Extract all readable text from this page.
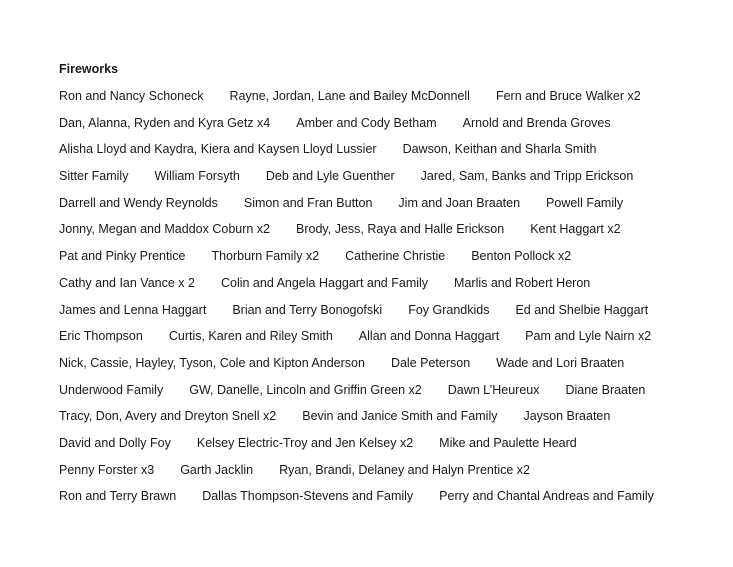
Fireworks
Ron and Nancy Schoneck Rayne, Jordan, Lane and Bailey McDonnell Fern and Bruce Walker x2
Dan, Alanna, Ryden and Kyra Getz x4 Amber and Cody Betham Arnold and Brenda Groves
Alisha Lloyd and Kaydra, Kiera and Kaysen Lloyd Lussier Dawson, Keithan and Sharla Smith
Sitter Family William Forsyth Deb and Lyle Guenther Jared, Sam, Banks and Tripp Erickson
Darrell and Wendy Reynolds Simon and Fran Button Jim and Joan Braaten Powell Family
Jonny, Megan and Maddox Coburn x2 Brody, Jess, Raya and Halle Erickson Kent Haggart x2
Pat and Pinky Prentice Thorburn Family x2 Catherine Christie Benton Pollock x2
Cathy and Ian Vance x 2 Colin and Angela Haggart and Family Marlis and Robert Heron
James and Lenna Haggart Brian and Terry Bonogofski Foy Grandkids Ed and Shelbie Haggart
Eric Thompson Curtis, Karen and Riley Smith Allan and Donna Haggart Pam and Lyle Nairn x2
Nick, Cassie, Hayley, Tyson, Cole and Kipton Anderson Dale Peterson Wade and Lori Braaten
Underwood Family GW, Danelle, Lincoln and Griffin Green x2 Dawn L’Heureux Diane Braaten
Tracy, Don, Avery and Dreyton Snell x2 Bevin and Janice Smith and Family Jayson Braaten
David and Dolly Foy Kelsey Electric-Troy and Jen Kelsey x2 Mike and Paulette Heard
Penny Forster x3 Garth Jacklin Ryan, Brandi, Delaney and Halyn Prentice x2
Ron and Terry Brawn Dallas Thompson-Stevens and Family Perry and Chantal Andreas and Family
